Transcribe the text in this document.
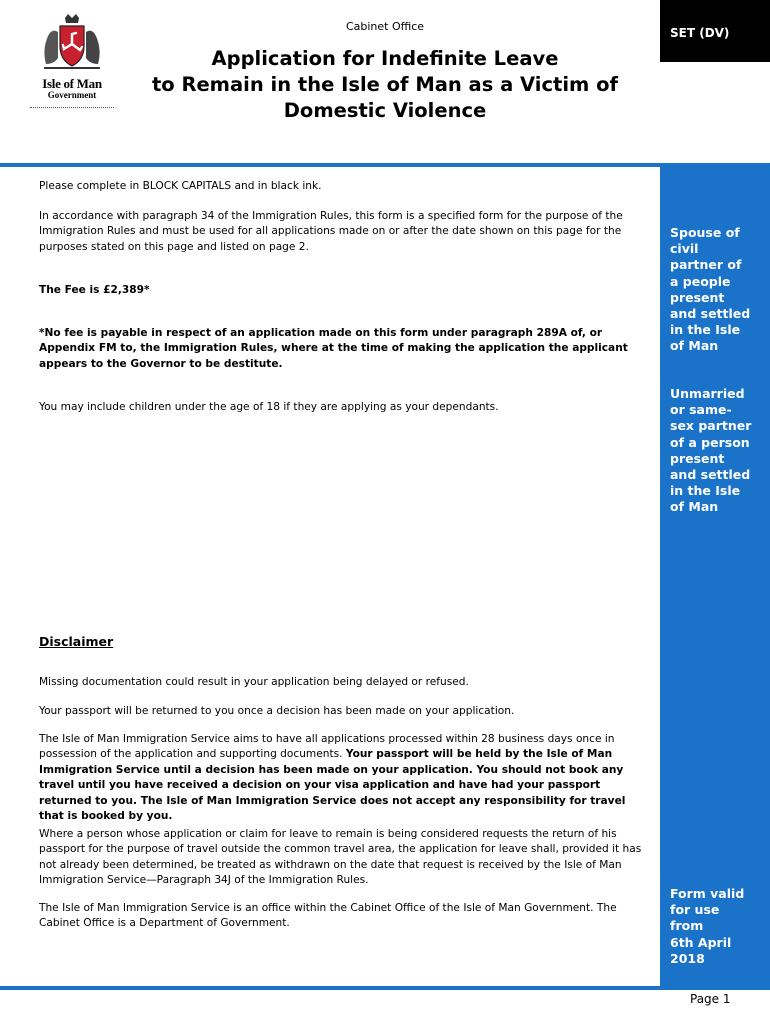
Isle of Man
Government
Cabinet Office
Application for Indefinite Leave
to Remain in the Isle of Man as a Victim of
Domestic Violence
SET (DV)
Spouse of
civil
partner of
a people
present
and settled
in the Isle
of Man
Unmarried
or same-
sex partner
of a person
present
and settled
in the Isle
of Man
Form valid
for use
from
6th April
2018
Please complete in BLOCK CAPITALS and in black ink.
In accordance with paragraph 34 of the Immigration Rules, this form is a specified form for the purpose of the Immigration Rules and must be used for all applications made on or after the date shown on this page for the purposes stated on this page and listed on page 2.
The Fee is £2,389*
*No fee is payable in respect of an application made on this form under paragraph 289A of, or Appendix FM to, the Immigration Rules, where at the time of making the application the applicant appears to the Governor to be destitute.
You may include children under the age of 18 if they are applying as your dependants.
Disclaimer
Missing documentation could result in your application being delayed or refused.
Your passport will be returned to you once a decision has been made on your application.
The Isle of Man Immigration Service aims to have all applications processed within 28 business days once in possession of the application and supporting documents. Your passport will be held by the Isle of Man Immigration Service until a decision has been made on your application. You should not book any travel until you have received a decision on your visa application and have had your passport returned to you. The Isle of Man Immigration Service does not accept any responsibility for travel that is booked by you.
Where a person whose application or claim for leave to remain is being considered requests the return of his passport for the purpose of travel outside the common travel area, the application for leave shall, provided it has not already been determined, be treated as withdrawn on the date that request is received by the Isle of Man Immigration Service—Paragraph 34J of the Immigration Rules.
The Isle of Man Immigration Service is an office within the Cabinet Office of the Isle of Man Government. The Cabinet Office is a Department of Government.
Page 1
